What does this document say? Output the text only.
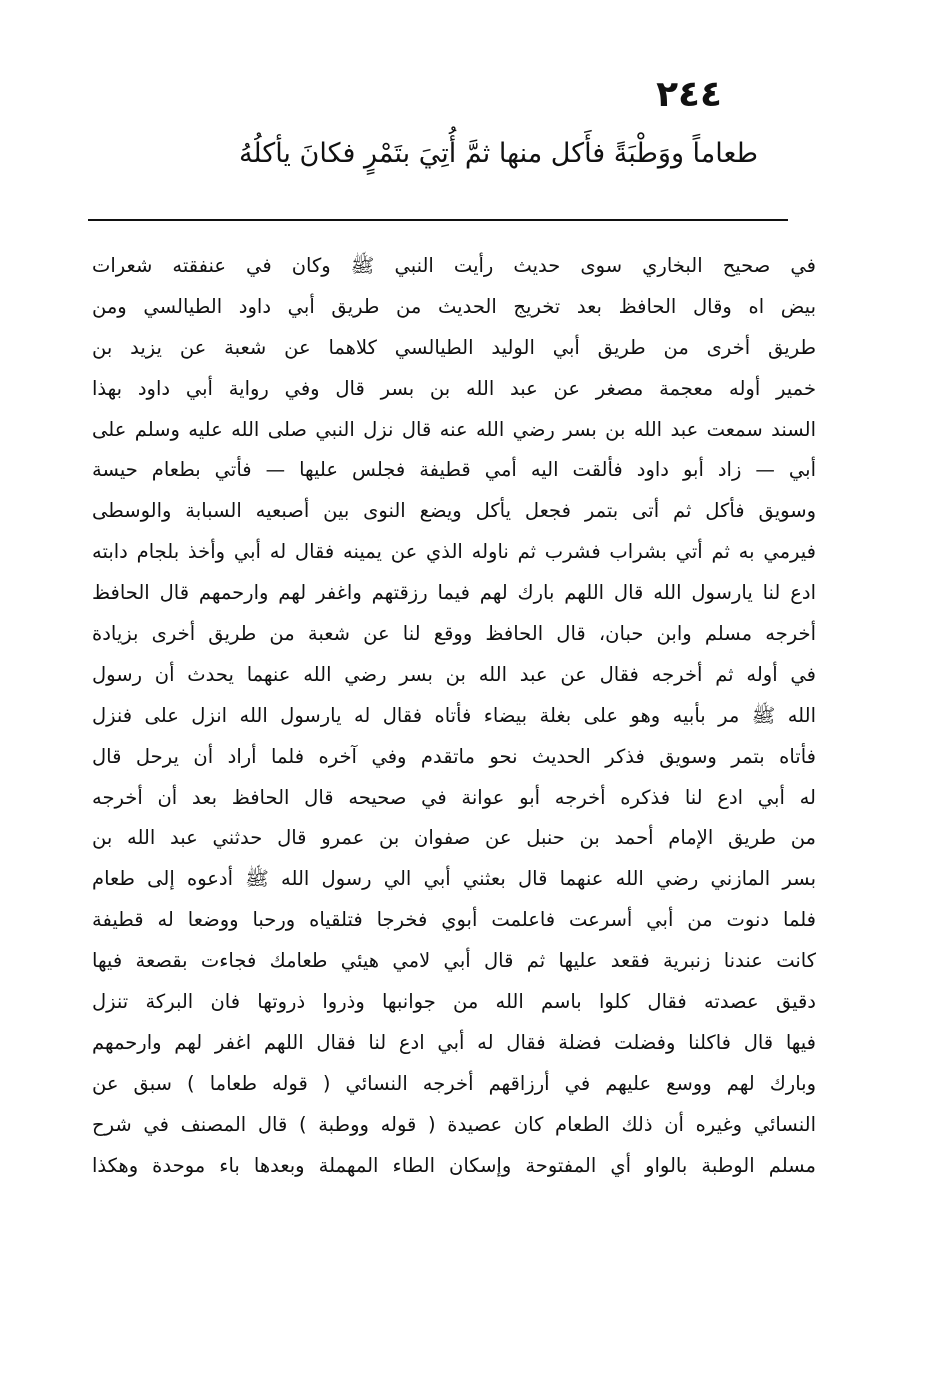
٢٤٤
طعاماً ووَطْبَةً فأَكل منها ثمَّ أُتِيَ بتَمْرٍ فكانَ يأكلُهُ
في صحيح البخاري سوى حديث رأيت النبي ﷺ وكان في عنفقته شعرات
بيض اه وقال الحافظ بعد تخريج الحديث من طريق أبي داود الطيالسي ومن
طريق أخرى من طريق أبي الوليد الطيالسي كلاهما عن شعبة عن يزيد بن
خمير أوله معجمة مصغر عن عبد الله بن بسر قال وفي رواية أبي داود بهذا
السند سمعت عبد الله بن بسر رضي الله عنه قال نزل النبي صلى الله عليه وسلم على
أبي — زاد أبو داود فألقت اليه أمي قطيفة فجلس عليها — فأتي بطعام حيسة
وسويق فأكل ثم أتى بتمر فجعل يأكل ويضع النوى بين أصبعيه السبابة والوسطى
فيرمي به ثم أتي بشراب فشرب ثم ناوله الذي عن يمينه فقال له أبي وأخذ بلجام دابته
ادع لنا يارسول الله قال اللهم بارك لهم فيما رزقتهم واغفر لهم وارحمهم قال الحافظ
أخرجه مسلم وابن حبان، قال الحافظ ووقع لنا عن شعبة من طريق أخرى بزيادة
في أوله ثم أخرجه فقال عن عبد الله بن بسر رضي الله عنهما يحدث أن رسول
الله ﷺ مر بأبيه وهو على بغلة بيضاء فأتاه فقال له يارسول الله انزل على فنزل
فأتاه بتمر وسويق فذكر الحديث نحو ماتقدم وفي آخره فلما أراد أن يرحل قال
له أبي ادع لنا فذكره أخرجه أبو عوانة في صحيحه قال الحافظ بعد أن أخرجه
من طريق الإمام أحمد بن حنبل عن صفوان بن عمرو قال حدثني عبد الله بن
بسر المازني رضي الله عنهما قال بعثني أبي الي رسول الله ﷺ أدعوه إلى طعام
فلما دنوت من أبي أسرعت فاعلمت أبوي فخرجا فتلقياه ورحبا ووضعا له قطيفة
كانت عندنا زنبرية فقعد عليها ثم قال أبي لامي هيئي طعامك فجاءت بقصعة فيها
دقيق عصدته فقال كلوا باسم الله من جوانبها وذروا ذروتها فان البركة تنزل
فيها قال فاكلنا وفضلت فضلة فقال له أبي ادع لنا فقال اللهم اغفر لهم وارحمهم
وبارك لهم ووسع عليهم في أرزاقهم أخرجه النسائي ( قوله طعاما ) سبق عن
النسائي وغيره أن ذلك الطعام كان عصيدة ( قوله ووطبة ) قال المصنف في شرح
مسلم الوطبة بالواو أي المفتوحة وإسكان الطاء المهملة وبعدها باء موحدة وهكذا
